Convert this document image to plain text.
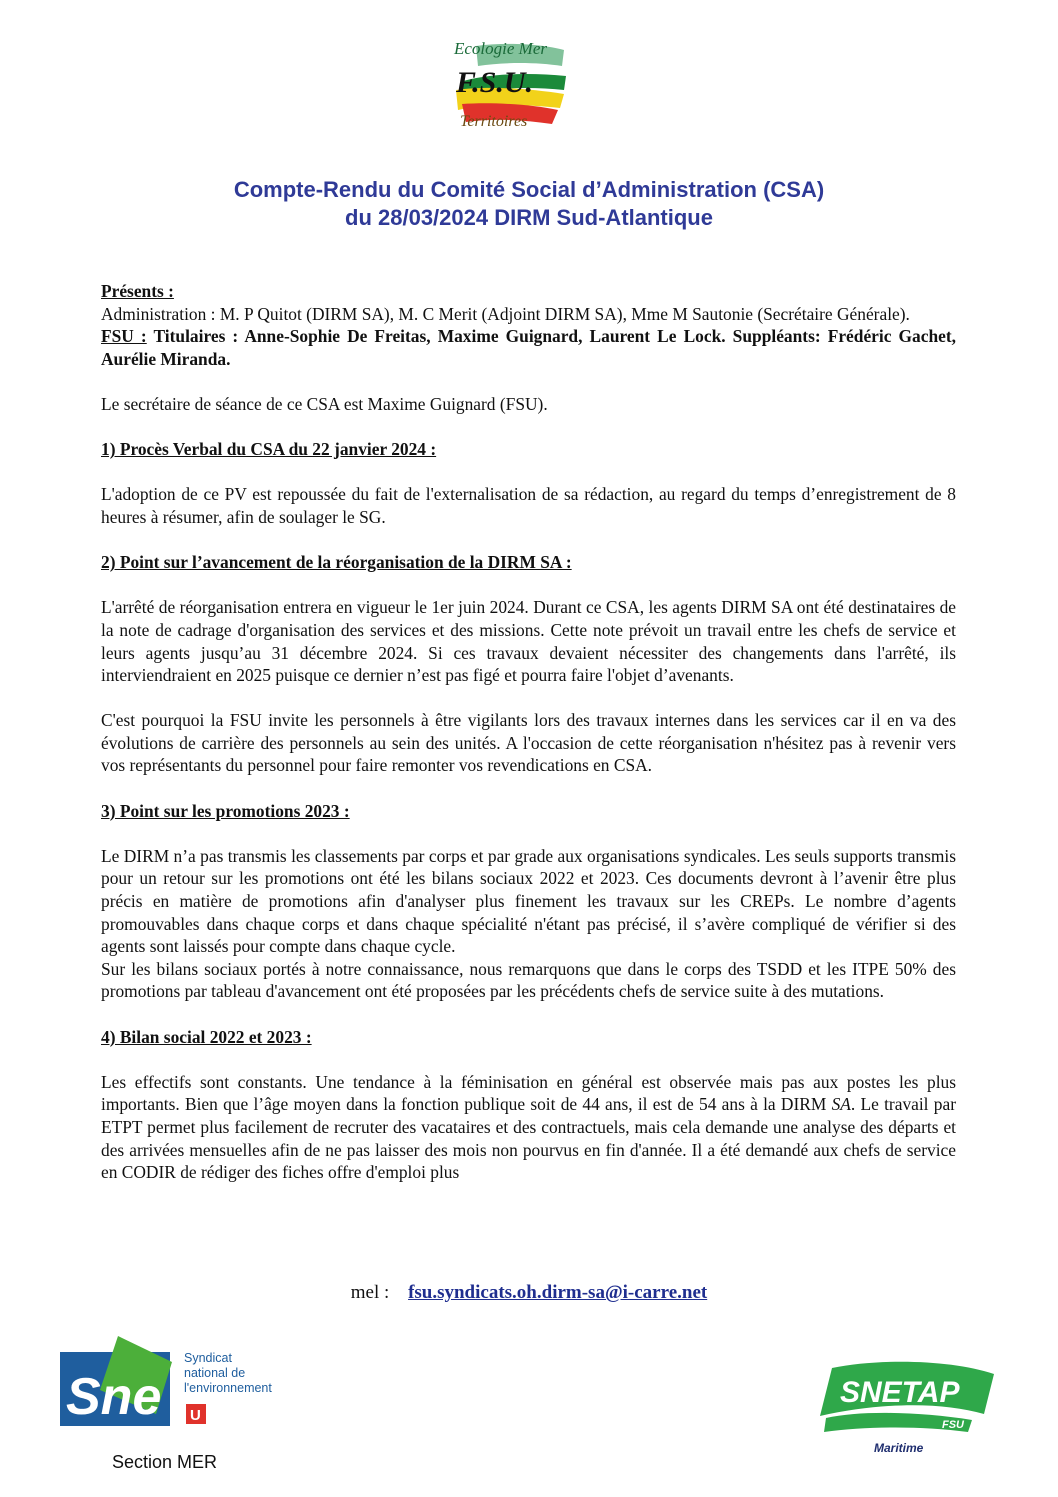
Ecologie Mer
F.S.U.
Territoires
Compte-Rendu du Comité Social d’Administration (CSA)
du 28/03/2024 DIRM Sud-Atlantique

Présents :

Administration : M. P Quitot (DIRM SA), M. C Merit (Adjoint DIRM SA), Mme M Sautonie (Secrétaire Générale).

FSU : Titulaires : Anne-Sophie De Freitas, Maxime Guignard, Laurent Le Lock. Suppléants: Frédéric Gachet, Aurélie Miranda.

Le secrétaire de séance de ce CSA est Maxime Guignard (FSU).

1) Procès Verbal du CSA du 22 janvier 2024 :

L'adoption de ce PV est repoussée du fait de l'externalisation de sa rédaction, au regard du temps d’enregistrement de 8 heures à résumer, afin de soulager le SG.

2) Point sur l’avancement de la réorganisation de la DIRM SA :

L'arrêté de réorganisation entrera en vigueur le 1er juin 2024. Durant ce CSA, les agents DIRM SA ont été destinataires de la note de cadrage d'organisation des services et des missions. Cette note prévoit un travail entre les chefs de service et leurs agents jusqu’au 31 décembre 2024. Si ces travaux devaient nécessiter des changements dans l'arrêté, ils interviendraient en 2025 puisque ce dernier n’est pas figé et pourra faire l'objet d’avenants.

C'est pourquoi la FSU invite les personnels à être vigilants lors des travaux internes dans les services car il en va des évolutions de carrière des personnels au sein des unités. A l'occasion de cette réorganisation n'hésitez pas à revenir vers vos représentants du personnel pour faire remonter vos revendications en CSA.

3) Point sur les promotions 2023 :

Le DIRM n’a pas transmis les classements par corps et par grade aux organisations syndicales. Les seuls supports transmis pour un retour sur les promotions ont été les bilans sociaux 2022 et 2023. Ces documents devront à l’avenir être plus précis en matière de promotions afin d'analyser plus finement les travaux sur les CREPs. Le nombre d’agents promouvables dans chaque corps et dans chaque spécialité n'étant pas précisé, il s’avère compliqué de vérifier si des agents sont laissés pour compte dans chaque cycle.

Sur les bilans sociaux portés à notre connaissance, nous remarquons que dans le corps des TSDD et les ITPE 50% des promotions par tableau d'avancement ont été proposées par les précédents chefs de service suite à des mutations.

4) Bilan social 2022 et 2023 :

Les effectifs sont constants. Une tendance à la féminisation en général est observée mais pas aux postes les plus importants. Bien que l’âge moyen dans la fonction publique soit de 44 ans, il est de 54 ans à la DIRM SA. Le travail par ETPT permet plus facilement de recruter des vacataires et des contractuels, mais cela demande une analyse des départs et des arrivées mensuelles afin de ne pas laisser des mois non pourvus en fin d'année. Il a été demandé aux chefs de service en CODIR de rédiger des fiches offre d'emploi plus

mel : fsu.syndicats.oh.dirm-sa@i-carre.net
Sne
Syndicat
national de
l'environnement
U
Section MER
SNETAP
FSU
Maritime
